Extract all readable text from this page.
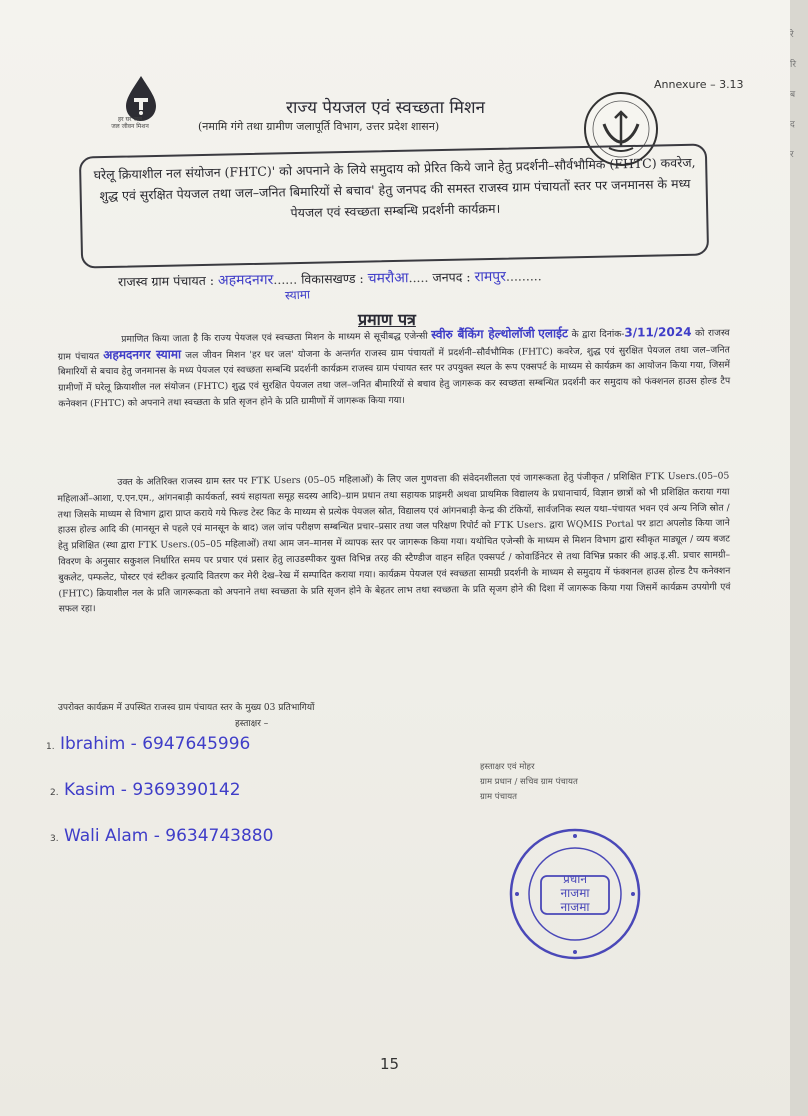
रे
रि
ब
द
र
Annexure – 3.13
हर घर जल
जल जीवन मिशन
राज्य पेयजल एवं स्वच्छता मिशन
(नमामि गंगे तथा ग्रामीण जलापूर्ति विभाग, उत्तर प्रदेश शासन)
घरेलू क्रियाशील नल संयोजन (FHTC)' को अपनाने के लिये समुदाय को प्रेरित किये जाने हेतु प्रदर्शनी–सौर्वभौमिक (FHTC) कवरेज, शुद्ध एवं सुरक्षित पेयजल तथा जल–जनित बिमारियों से बचाव' हेतु जनपद की समस्त राजस्व ग्राम पंचायतों स्तर पर जनमानस के मध्य पेयजल एवं स्वच्छता सम्बन्धि प्रदर्शनी कार्यक्रम।
राजस्व ग्राम पंचायत : अहमदनगर...... विकासखण्ड : चमरौआ..... जनपद : रामपुर.........
स्यामा
प्रमाण पत्र
प्रमाणित किया जाता है कि राज्य पेयजल एवं स्वच्छता मिशन के माध्यम से सूचीबद्ध एजेन्सी स्वीरु बैंकिंग हेल्थोलॉजी एलाईट के द्वारा दिनांक-3/11/2024 को राजस्व ग्राम पंचायत अहमदनगर स्यामा जल जीवन मिशन 'हर घर जल' योजना के अन्तर्गत राजस्व ग्राम पंचायतों में प्रदर्शनी–सौर्वभौमिक (FHTC) कवरेज, शुद्ध एवं सुरक्षित पेयजल तथा जल–जनित बिमारियों से बचाव हेतु जनमानस के मध्य पेयजल एवं स्वच्छता सम्बन्धि प्रदर्शनी कार्यक्रम राजस्व ग्राम पंचायत स्तर पर उपयुक्त स्थल के रूप एक्सपर्ट के माध्यम से कार्यक्रम का आयोजन किया गया, जिसमें ग्रामीणों में घरेलू क्रियाशील नल संयोजन (FHTC) शुद्ध एवं सुरक्षित पेयजल तथा जल–जनित बीमारियों से बचाव हेतु जागरूक कर स्वच्छता सम्बन्धित प्रदर्शनी कर समुदाय को फंक्शनल हाउस होल्ड टैप कनेक्शन (FHTC) को अपनाने तथा स्वच्छता के प्रति सृजन होने के प्रति ग्रामीणों में जागरूक किया गया।
उक्त के अतिरिक्त राजस्व ग्राम स्तर पर FTK Users (05–05 महिलाओं) के लिए जल गुणवत्ता की संवेदनशीलता एवं जागरूकता हेतु पंजीकृत / प्रशिक्षित FTK Users.(05–05 महिलाओं–आशा, ए.एन.एम., आंगनबाड़ी कार्यकर्ता, स्वयं सहायता समूह सदस्य आदि)–ग्राम प्रधान तथा सहायक प्राइमरी अथवा प्राथमिक विद्यालय के प्रधानाचार्य, विज्ञान छात्रों को भी प्रशिक्षित कराया गया तथा जिसके माध्यम से विभाग द्वारा प्राप्त कराये गये फिल्ड टेस्ट किट के माध्यम से प्रत्येक पेयजल स्रोत, विद्यालय एवं आंगनबाड़ी केन्द्र की टंकियों, सार्वजनिक स्थल यथा–पंचायत भवन एवं अन्य निजि स्रोत / हाउस होल्ड आदि की (मानसून से पहले एवं मानसून के बाद) जल जांच परीक्षण सम्बन्धित प्रचार–प्रसार तथा जल परिक्षण रिपोर्ट को FTK Users. द्वारा WQMIS Portal पर डाटा अपलोड किया जाने हेतु प्रशिक्षित (स्था द्वारा FTK Users.(05–05 महिलाओं) तथा आम जन–मानस में व्यापक स्तर पर जागरूक किया गया। यथोचित एजेन्सी के माध्यम से मिशन विभाग द्वारा स्वीकृत माड्यूल / व्यय बजट विवरण के अनुसार सकुशल निर्धारित समय पर प्रचार एवं प्रसार हेतु लाउडस्पीकर युक्त विभिन्न तरह की स्टैण्डीज वाहन सहित एक्सपर्ट / कोवार्डिनेटर से तथा विभिन्न प्रकार की आइ.इ.सी. प्रचार सामग्री–बुकलेट, पम्फलेट, पोस्टर एवं स्टीकर इत्यादि वितरण कर मेरी देख–रेख में सम्पादित कराया गया। कार्यक्रम पेयजल एवं स्वच्छता सामग्री प्रदर्शनी के माध्यम से समुदाय में फंक्शनल हाउस होल्ड टैप कनेक्शन (FHTC) क्रियाशील नल के प्रति जागरूकता को अपनाने तथा स्वच्छता के प्रति सृजन होने के बेहतर लाभ तथा स्वच्छता के प्रति सृजग होने की दिशा में जागरूक किया गया जिसमें कार्यक्रम उपयोगी एवं सफल रहा।
उपरोक्त कार्यक्रम में उपस्थित राजस्व ग्राम पंचायत स्तर के मुख्य 03 प्रतिभागियों
हस्ताक्षर –
1. Ibrahim - 6947645996
2. Kasim - 9369390142
3. Wali Alam - 9634743880
हस्ताक्षर एवं मोहर
ग्राम प्रधान / सचिव ग्राम पंचायत
ग्राम पंचायत
प्रधान
नाजमा
नाजमा
15
